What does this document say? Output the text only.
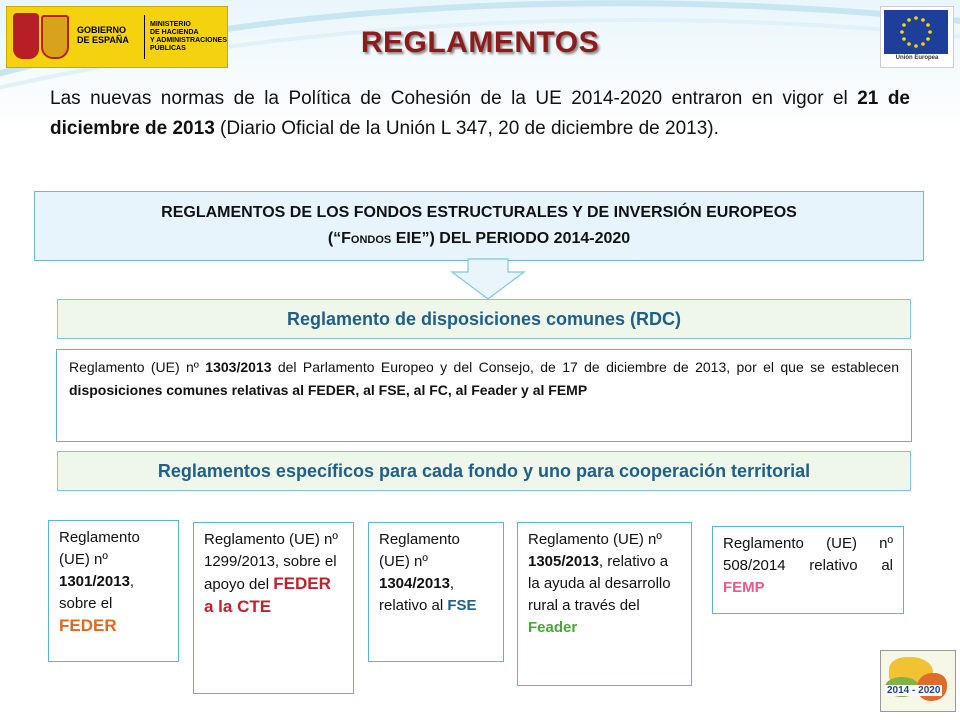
GOBIERNO
DE ESPAÑA
MINISTERIO
DE HACIENDA
Y ADMINISTRACIONES
PÚBLICAS	REGLAMENTOS	Unión Europea
Las nuevas normas de la Política de Cohesión de la UE 2014-2020 entraron en vigor el 21 de diciembre de 2013 (Diario Oficial de la Unión L 347, 20 de diciembre de 2013).
REGLAMENTOS DE LOS FONDOS ESTRUCTURALES Y DE INVERSIÓN EUROPEOS
(“Fondos EIE”) DEL PERIODO 2014-2020
Reglamento de disposiciones comunes (RDC)
Reglamento (UE) nº 1303/2013 del Parlamento Europeo y del Consejo, de 17 de diciembre de 2013, por el que se establecen disposiciones comunes relativas al FEDER, al FSE, al FC, al Feader y al FEMP
Reglamentos específicos para cada fondo y uno para cooperación territorial
Reglamento (UE) nº 1301/2013, sobre el FEDER
Reglamento (UE) nº 1299/2013, sobre el apoyo del FEDER a la CTE
Reglamento (UE) nº 1304/2013, relativo al FSE
Reglamento (UE) nº 1305/2013, relativo a la ayuda al desarrollo rural a través del Feader
Reglamento (UE) nº 508/2014 relativo al FEMP
2014 - 2020
